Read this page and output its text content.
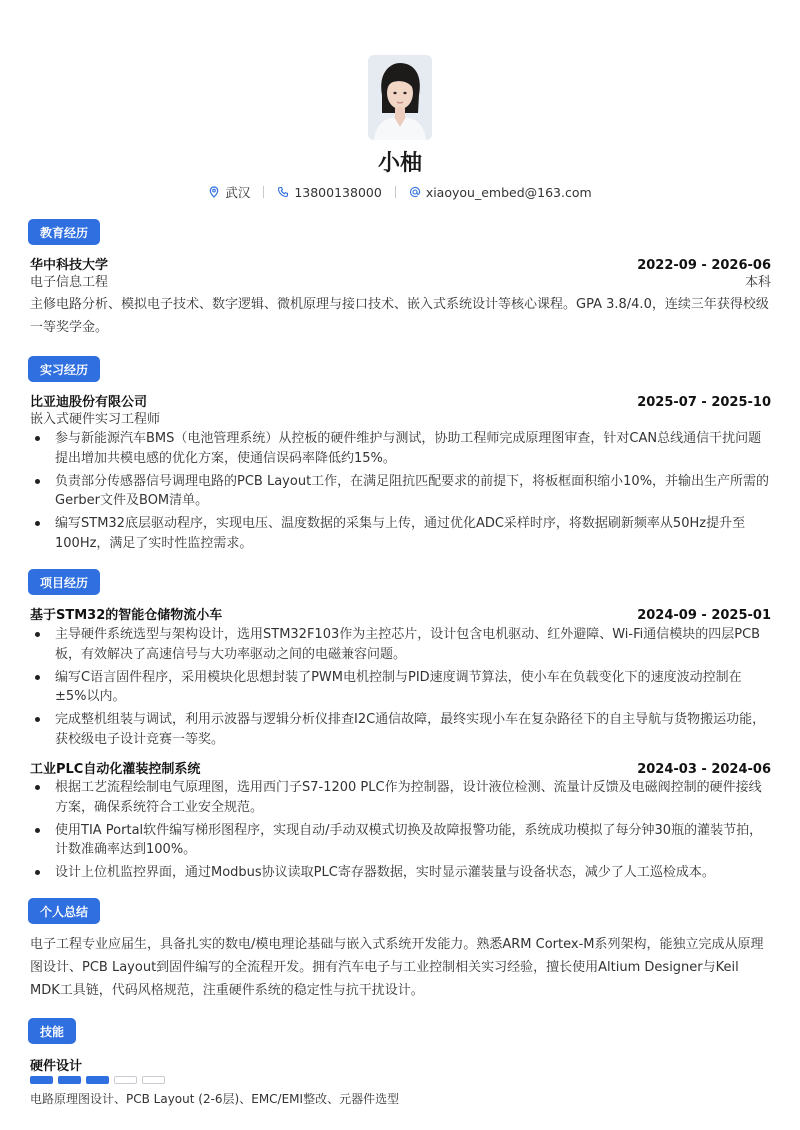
小柚
武汉	13800138000	xiaoyou_embed@163.com
教育经历
华中科技大学	2022-09 - 2026-06
电子信息工程	本科
主修电路分析、模拟电子技术、数字逻辑、微机原理与接口技术、嵌入式系统设计等核心课程。GPA 3.8/4.0，连续三年获得校级一等奖学金。
实习经历
比亚迪股份有限公司	2025-07 - 2025-10
嵌入式硬件实习工程师
参与新能源汽车BMS（电池管理系统）从控板的硬件维护与测试，协助工程师完成原理图审查，针对CAN总线通信干扰问题提出增加共模电感的优化方案，使通信误码率降低约15%。
负责部分传感器信号调理电路的PCB Layout工作，在满足阻抗匹配要求的前提下，将板框面积缩小10%，并输出生产所需的Gerber文件及BOM清单。
编写STM32底层驱动程序，实现电压、温度数据的采集与上传，通过优化ADC采样时序，将数据刷新频率从50Hz提升至100Hz，满足了实时性监控需求。
项目经历
基于STM32的智能仓储物流小车	2024-09 - 2025-01
主导硬件系统选型与架构设计，选用STM32F103作为主控芯片，设计包含电机驱动、红外避障、Wi-Fi通信模块的四层PCB板，有效解决了高速信号与大功率驱动之间的电磁兼容问题。
编写C语言固件程序，采用模块化思想封装了PWM电机控制与PID速度调节算法，使小车在负载变化下的速度波动控制在±5%以内。
完成整机组装与调试，利用示波器与逻辑分析仪排查I2C通信故障，最终实现小车在复杂路径下的自主导航与货物搬运功能，获校级电子设计竞赛一等奖。
工业PLC自动化灌装控制系统	2024-03 - 2024-06
根据工艺流程绘制电气原理图，选用西门子S7-1200 PLC作为控制器，设计液位检测、流量计反馈及电磁阀控制的硬件接线方案，确保系统符合工业安全规范。
使用TIA Portal软件编写梯形图程序，实现自动/手动双模式切换及故障报警功能，系统成功模拟了每分钟30瓶的灌装节拍，计数准确率达到100%。
设计上位机监控界面，通过Modbus协议读取PLC寄存器数据，实时显示灌装量与设备状态，减少了人工巡检成本。
个人总结
电子工程专业应届生，具备扎实的数电/模电理论基础与嵌入式系统开发能力。熟悉ARM Cortex-M系列架构，能独立完成从原理图设计、PCB Layout到固件编写的全流程开发。拥有汽车电子与工业控制相关实习经验，擅长使用Altium Designer与Keil MDK工具链，代码风格规范，注重硬件系统的稳定性与抗干扰设计。
技能
硬件设计
电路原理图设计、PCB Layout (2-6层)、EMC/EMI整改、元器件选型
